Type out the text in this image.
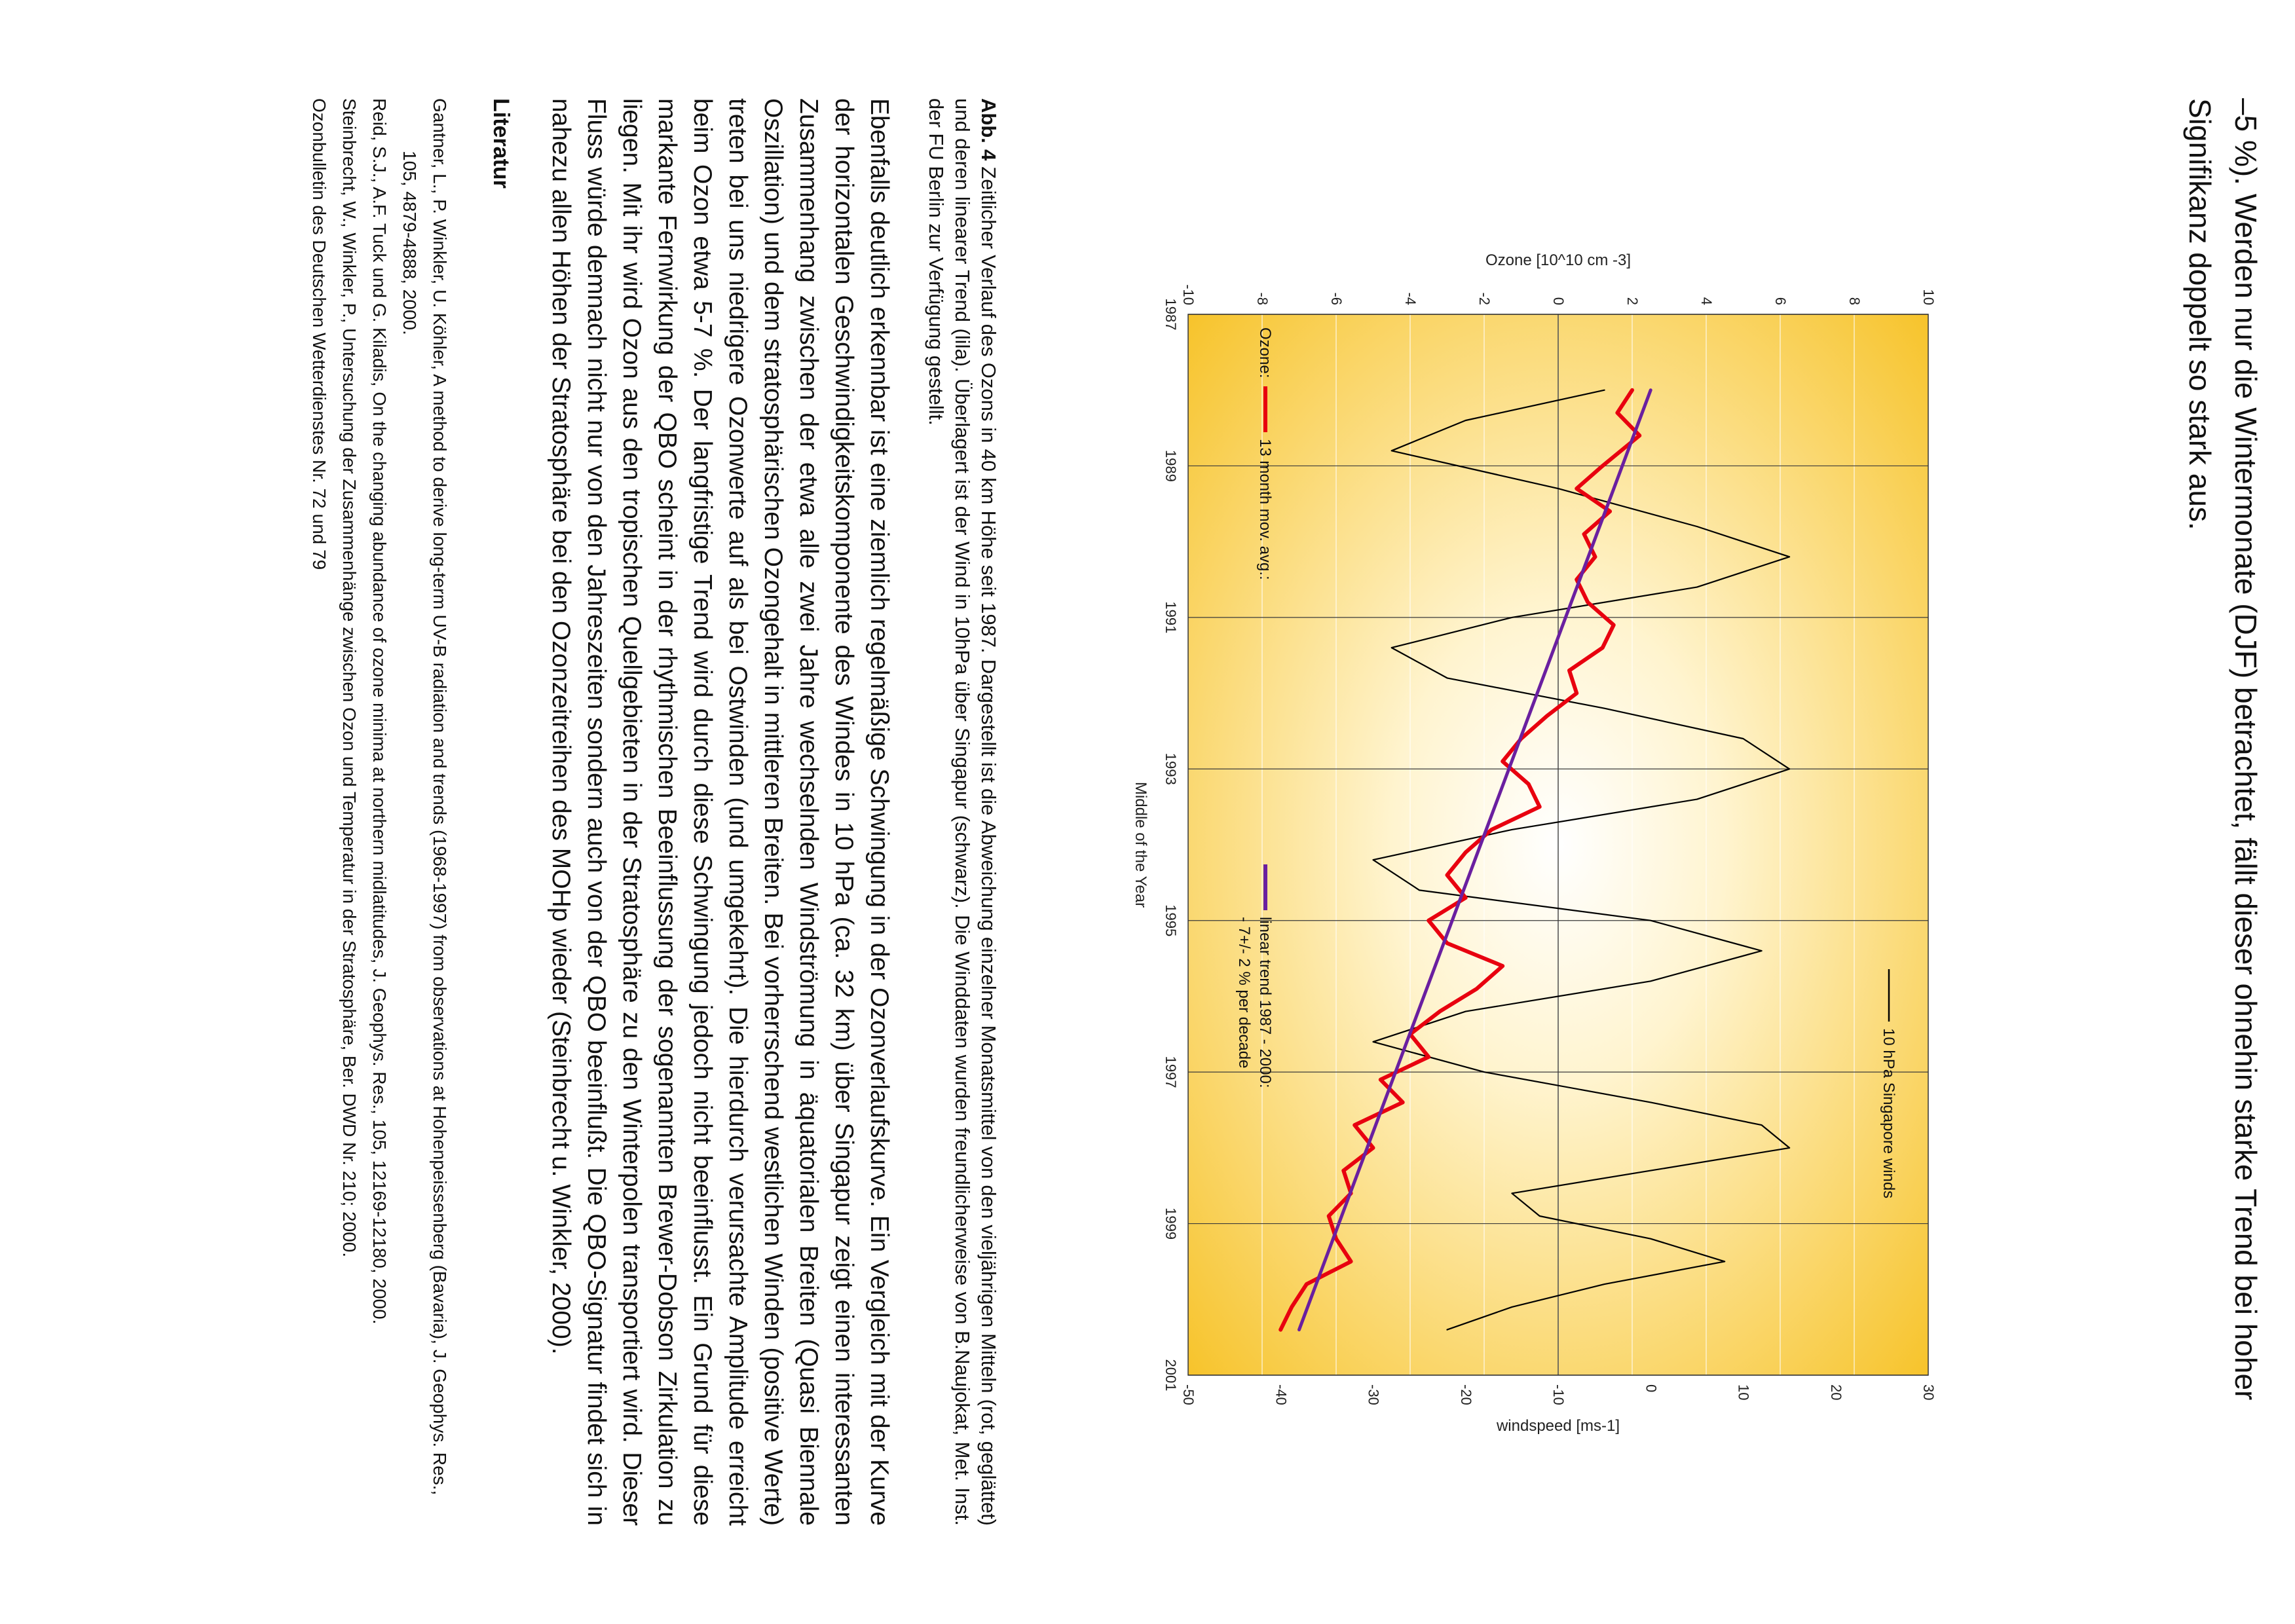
–5 %). Werden nur die Wintermonate (DJF) betrachtet, fällt dieser ohnehin starke Trend bei hoher Signifikanz doppelt so stark aus.

-10	-8	-6	-4	-2	0	2	4	6	8	10
1987
1989
1991
1993
1995
1997
1999
2001
-50	-40	-30	-20	-10	0	10	20	30
Ozone [10^10 cm -3]
windspeed [ms-1]
Middle of the Year
10 hPa Singapore winds
Ozone:
13 month mov. avg.:
linear trend 1987 - 2000:
- 7+/- 2 % per decade

Abb. 4 Zeitlicher Verlauf des Ozons in 40 km Höhe seit 1987. Dargestellt ist die Abweichung einzelner Monatsmittel von den vieljährigen Mitteln (rot, geglättet) und deren linearer Trend (lila). Überlagert ist der Wind in 10hPa über Singapur (schwarz). Die Winddaten wurden freundlicherweise von B.Naujokat, Met. Inst. der FU Berlin zur Verfügung gestellt.

Ebenfalls deutlich erkennbar ist eine ziemlich regelmäßige Schwingung in der Ozonverlaufskurve. Ein Vergleich mit der Kurve der horizontalen Geschwindigkeitskomponente des Windes in 10 hPa (ca. 32 km) über Singapur zeigt einen interessanten Zusammenhang zwischen der etwa alle zwei Jahre wechselnden Windströmung in äquatorialen Breiten (Quasi Biennale Oszillation) und dem stratosphärischen Ozongehalt in mittleren Breiten. Bei vorherrschend westlichen Winden (positive Werte) treten bei uns niedrigere Ozonwerte auf als bei Ostwinden (und umgekehrt). Die hierdurch verursachte Amplitude erreicht beim Ozon etwa 5-7 %. Der langfristige Trend wird durch diese Schwingung jedoch nicht beeinflusst. Ein Grund für diese markante Fernwirkung der QBO scheint in der rhythmischen Beeinflussung der sogenannten Brewer-Dobson Zirkulation zu liegen. Mit ihr wird Ozon aus den tropischen Quellgebieten in der Stratosphäre zu den Winterpolen transportiert wird. Dieser Fluss würde demnach nicht nur von den Jahreszeiten sondern auch von der QBO beeinflußt. Die QBO-Signatur findet sich in nahezu allen Höhen der Stratosphäre bei den Ozonzeitreihen des MOHp wieder (Steinbrecht u. Winkler, 2000).

Literatur
Gantner, L., P. Winkler, U. Köhler, A method to derive long-term UV-B radiation and trends (1968-1997) from observations at Hohenpeissenberg (Bavaria), J. Geophys. Res., 105, 4879-4888, 2000.
Reid, S.J., A.F. Tuck und G. Kiladis, On the changing abundance of ozone minima at northern midlatitudes, J. Geophys. Res., 105, 12169-12180, 2000.
Steinbrecht, W., Winkler, P., Untersuchung der Zusammenhänge zwischen Ozon und Temperatur in der Stratosphäre, Ber. DWD Nr. 210; 2000.
Ozonbulletin des Deutschen Wetterdienstes Nr. 72 und 79
